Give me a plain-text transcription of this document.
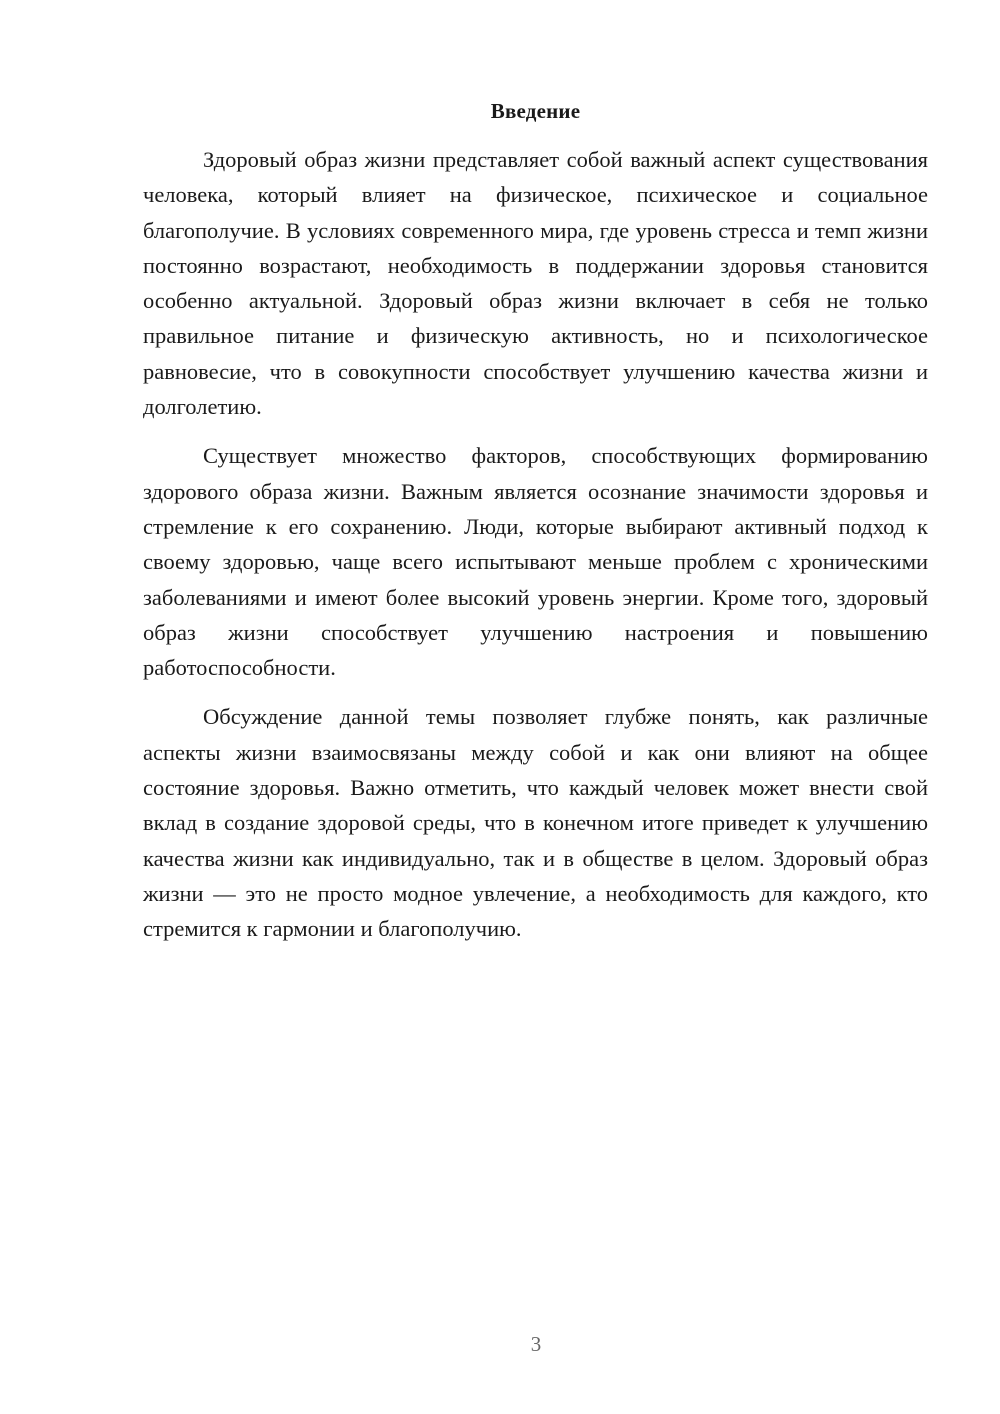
Введение

Здоровый образ жизни представляет собой важный аспект существования человека, который влияет на физическое, психическое и социальное благополучие. В условиях современного мира, где уровень стресса и темп жизни постоянно возрастают, необходимость в поддержании здоровья становится особенно актуальной. Здоровый образ жизни включает в себя не только правильное питание и физическую активность, но и психологическое равновесие, что в совокупности способствует улучшению качества жизни и долголетию.

Существует множество факторов, способствующих формированию здорового образа жизни. Важным является осознание значимости здоровья и стремление к его сохранению. Люди, которые выбирают активный подход к своему здоровью, чаще всего испытывают меньше проблем с хроническими заболеваниями и имеют более высокий уровень энергии. Кроме того, здоровый образ жизни способствует улучшению настроения и повышению работоспособности.

Обсуждение данной темы позволяет глубже понять, как различные аспекты жизни взаимосвязаны между собой и как они влияют на общее состояние здоровья. Важно отметить, что каждый человек может внести свой вклад в создание здоровой среды, что в конечном итоге приведет к улучшению качества жизни как индивидуально, так и в обществе в целом. Здоровый образ жизни — это не просто модное увлечение, а необходимость для каждого, кто стремится к гармонии и благополучию.

3
